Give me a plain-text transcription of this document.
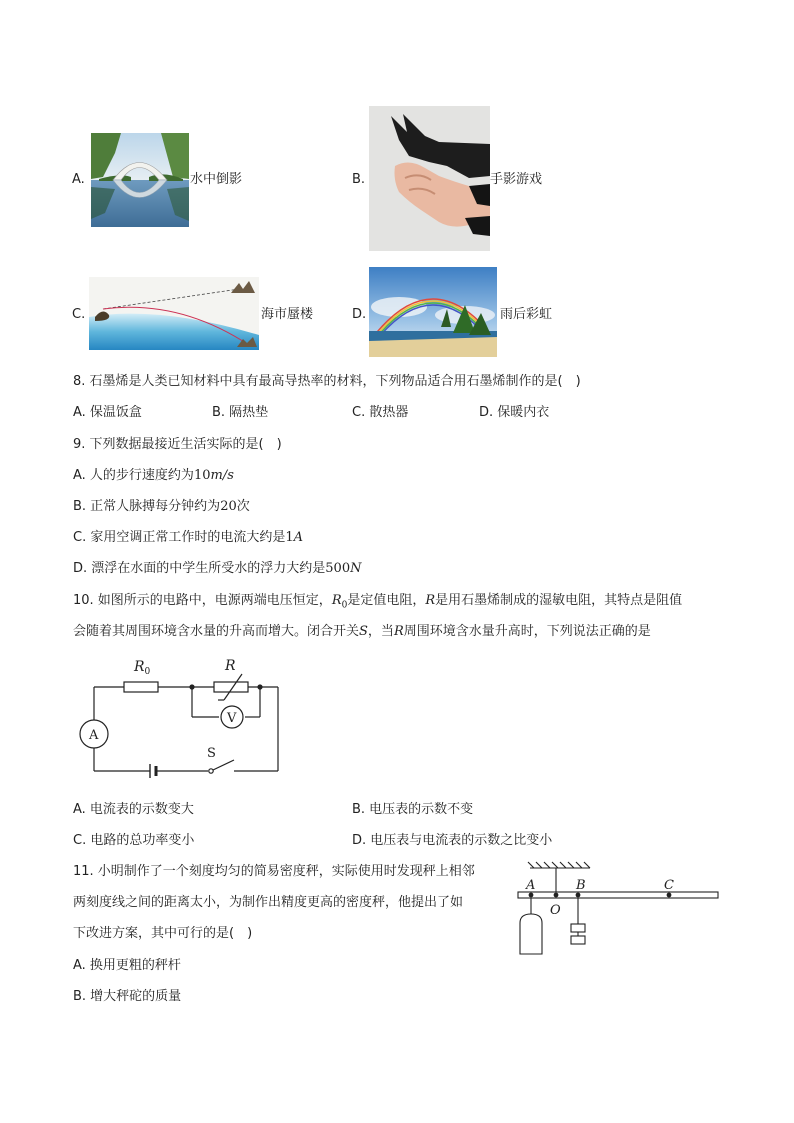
A.	水中倒影	B.	手影游戏
C.	海市蜃楼	D.	雨后彩虹
8. 石墨烯是人类已知材料中具有最高导热率的材料，下列物品适合用石墨烯制作的是(　)
A. 保温饭盒	B. 隔热垫	C. 散热器	D. 保暖内衣
9. 下列数据最接近生活实际的是(　)
A. 人的步行速度约为10m/s
B. 正常人脉搏每分钟约为20次
C. 家用空调正常工作时的电流大约是1A
D. 漂浮在水面的中学生所受水的浮力大约是500N
10. 如图所示的电路中，电源两端电压恒定，$R_0$是定值电阻，R是用石墨烯制成的湿敏电阻，其特点是阻值
会随着其周围环境含水量的升高而增大。闭合开关S，当R周围环境含水量升高时，下列说法正确的是
$R_0$	R
V
A
S
A. 电流表的示数变大	B. 电压表的示数不变
C. 电路的总功率变小	D. 电压表与电流表的示数之比变小
11. 小明制作了一个刻度均匀的简易密度秤，实际使用时发现秤上相邻
两刻度线之间的距离太小，为制作出精度更高的密度秤，他提出了如
下改进方案，其中可行的是(　)
A. 换用更粗的秤杆
B. 增大秤砣的质量
A
O
B	C
